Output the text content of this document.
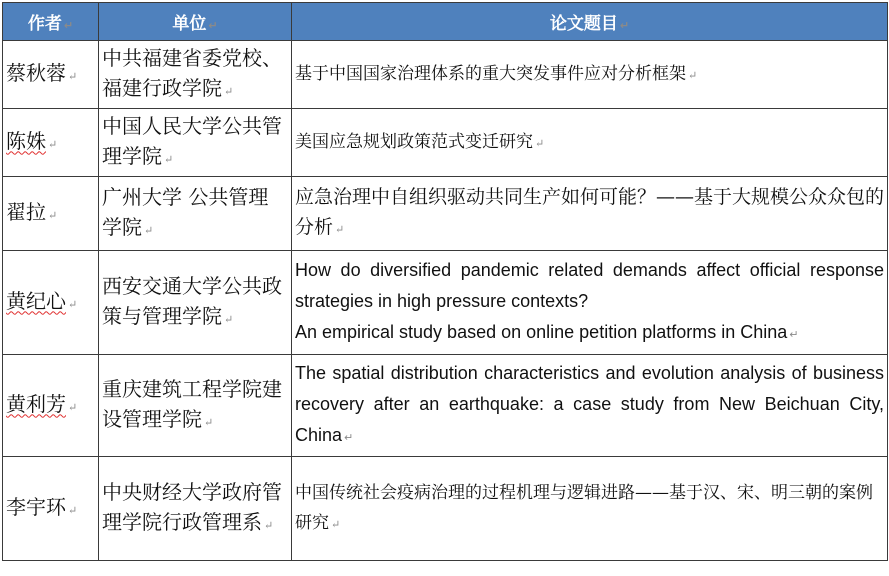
作者 ↵	单位 ↵	论文题目 ↵
蔡秋蓉 ↵	中共福建省委党校、福建行政学院 ↵	基于中国国家治理体系的重大突发事件应对分析框架 ↵
陈姝 ↵	中国人民大学公共管理学院 ↵	美国应急规划政策范式变迁研究 ↵
翟拉 ↵	广州大学 公共管理学院 ↵	应急治理中自组织驱动共同生产如何可能？——基于大规模公众众包的分析 ↵
黄纪心 ↵	西安交通大学公共政策与管理学院 ↵	How do diversified pandemic related demands affect official response strategies in high pressure contexts?
An empirical study based on online petition platforms in China ↵
黄利芳 ↵	重庆建筑工程学院建设管理学院 ↵	The spatial distribution characteristics and evolution analysis of business recovery after an earthquake: a case study from New Beichuan City, China ↵
李宇环 ↵	中央财经大学政府管理学院行政管理系 ↵	中国传统社会疫病治理的过程机理与逻辑进路——基于汉、宋、明三朝的案例研究 ↵
